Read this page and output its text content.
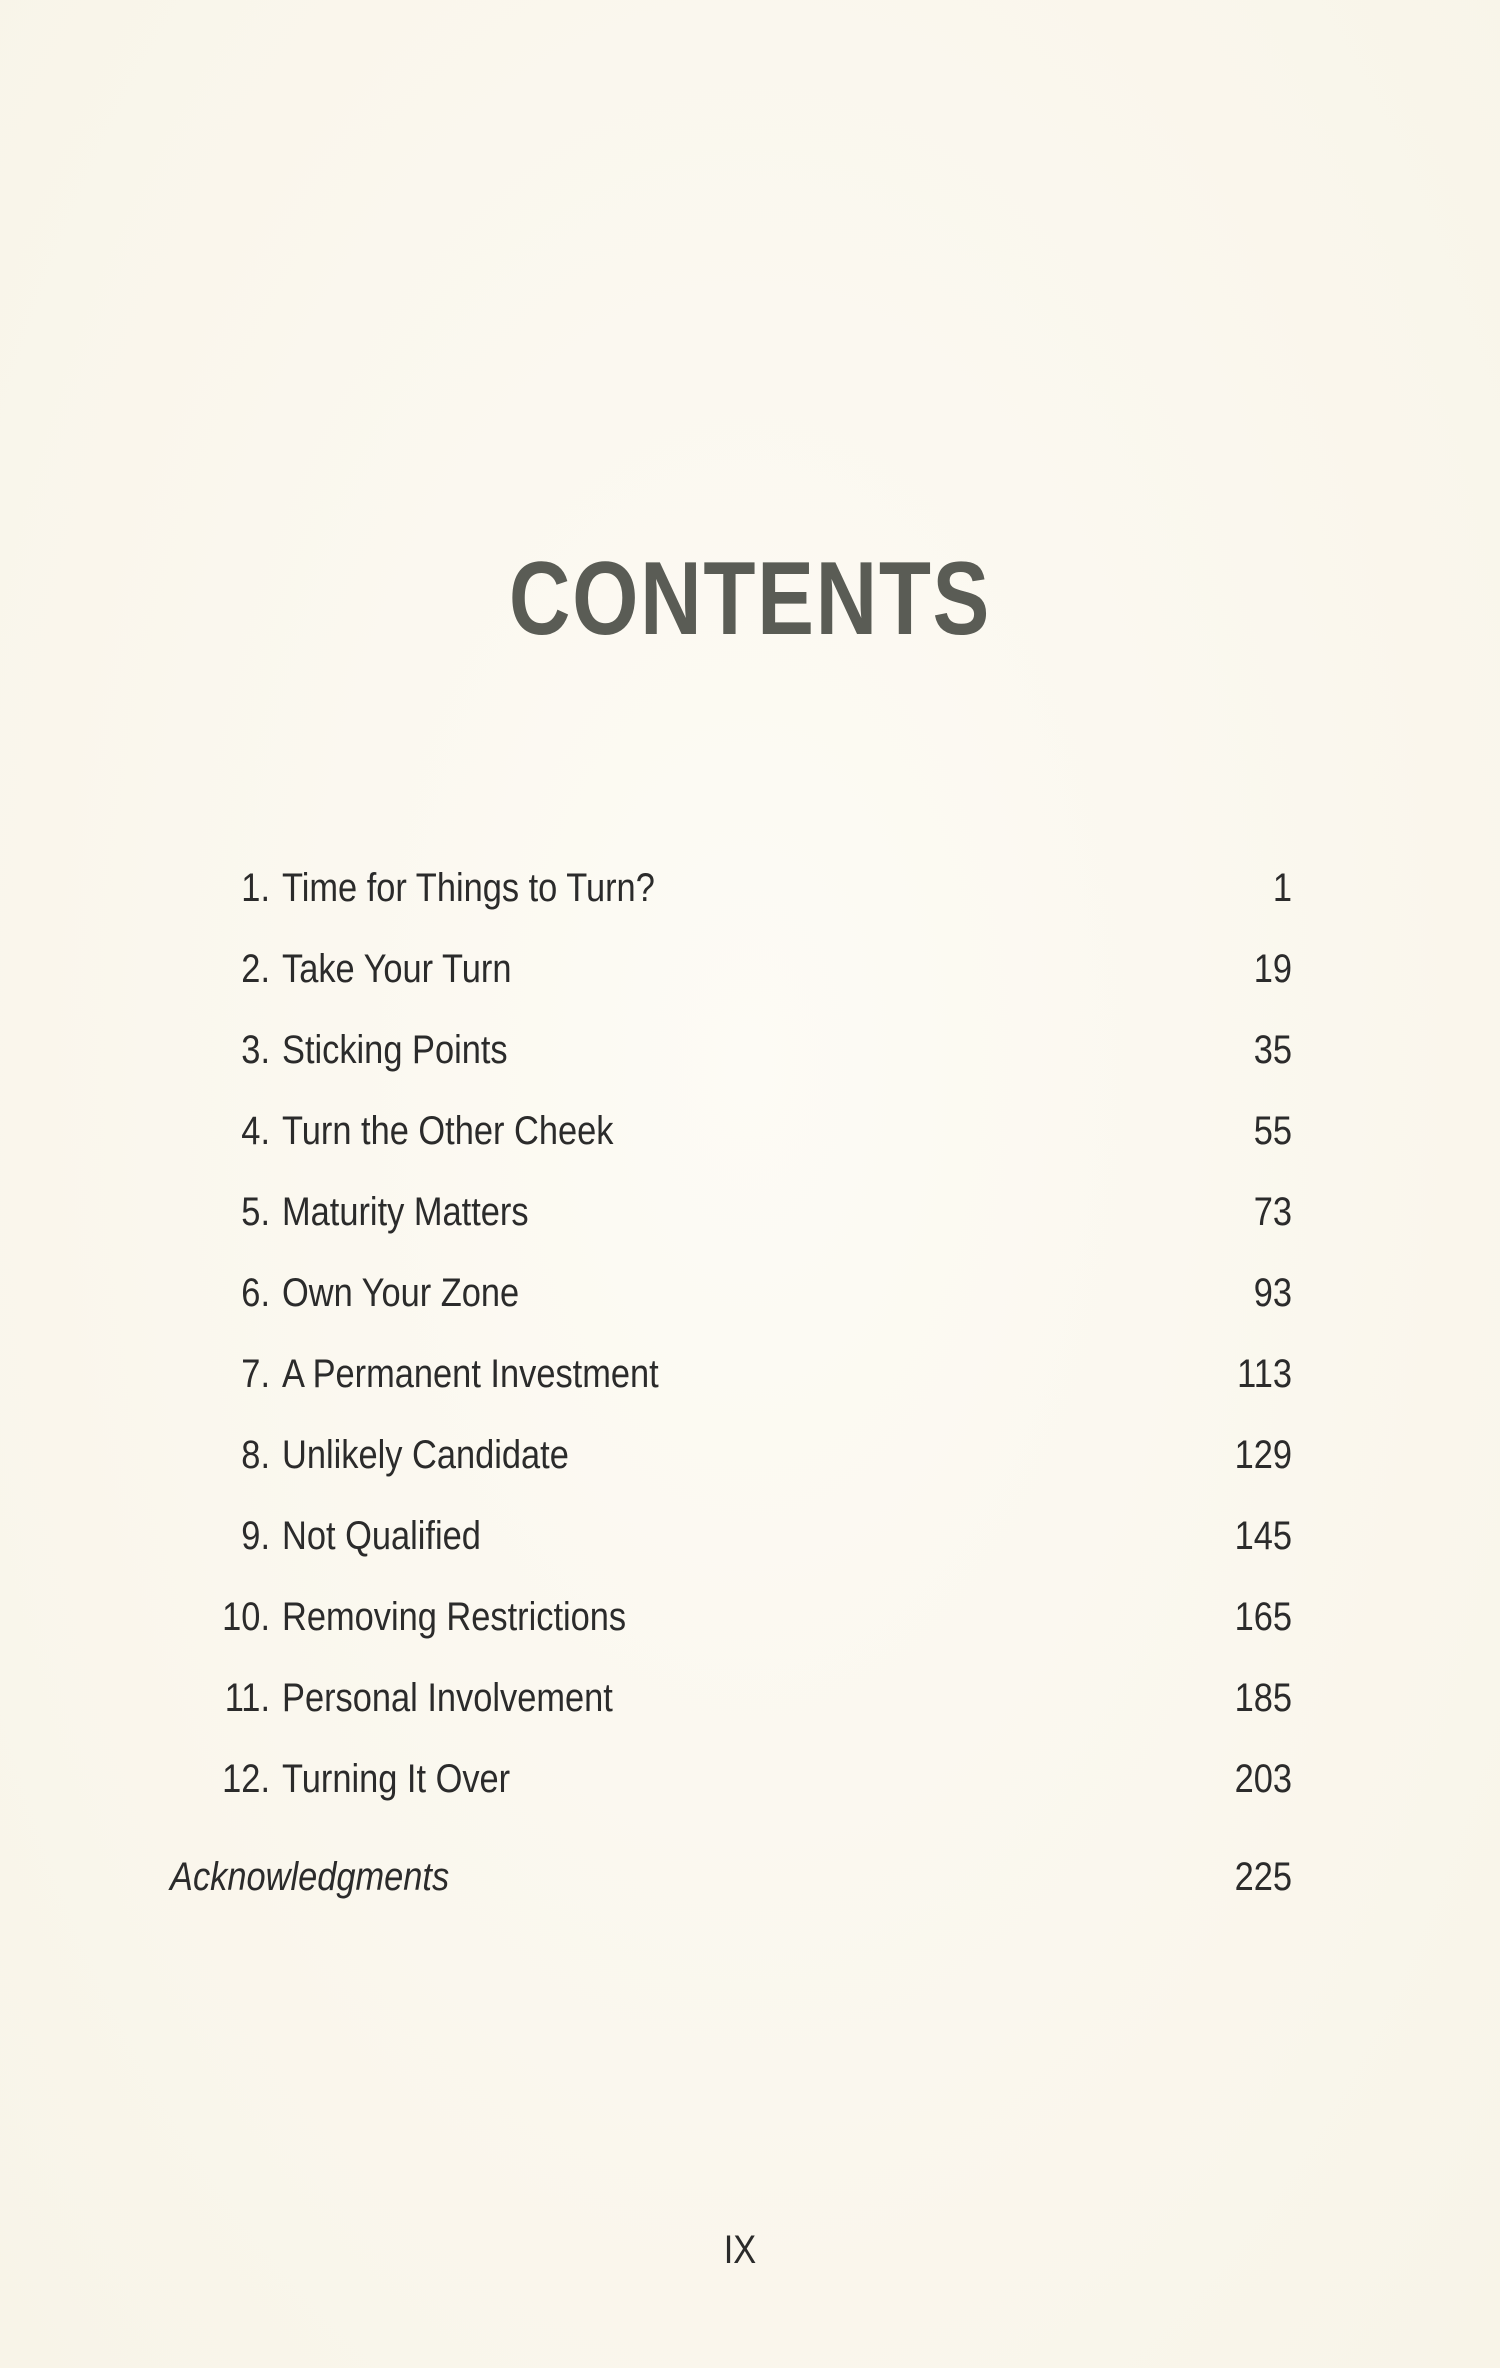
CONTENTS
1. Time for Things to Turn?	1
2. Take Your Turn	19
3. Sticking Points	35
4. Turn the Other Cheek	55
5. Maturity Matters	73
6. Own Your Zone	93
7. A Permanent Investment	113
8. Unlikely Candidate	129
9. Not Qualified	145
10. Removing Restrictions	165
11. Personal Involvement	185
12. Turning It Over	203
Acknowledgments	225
IX
